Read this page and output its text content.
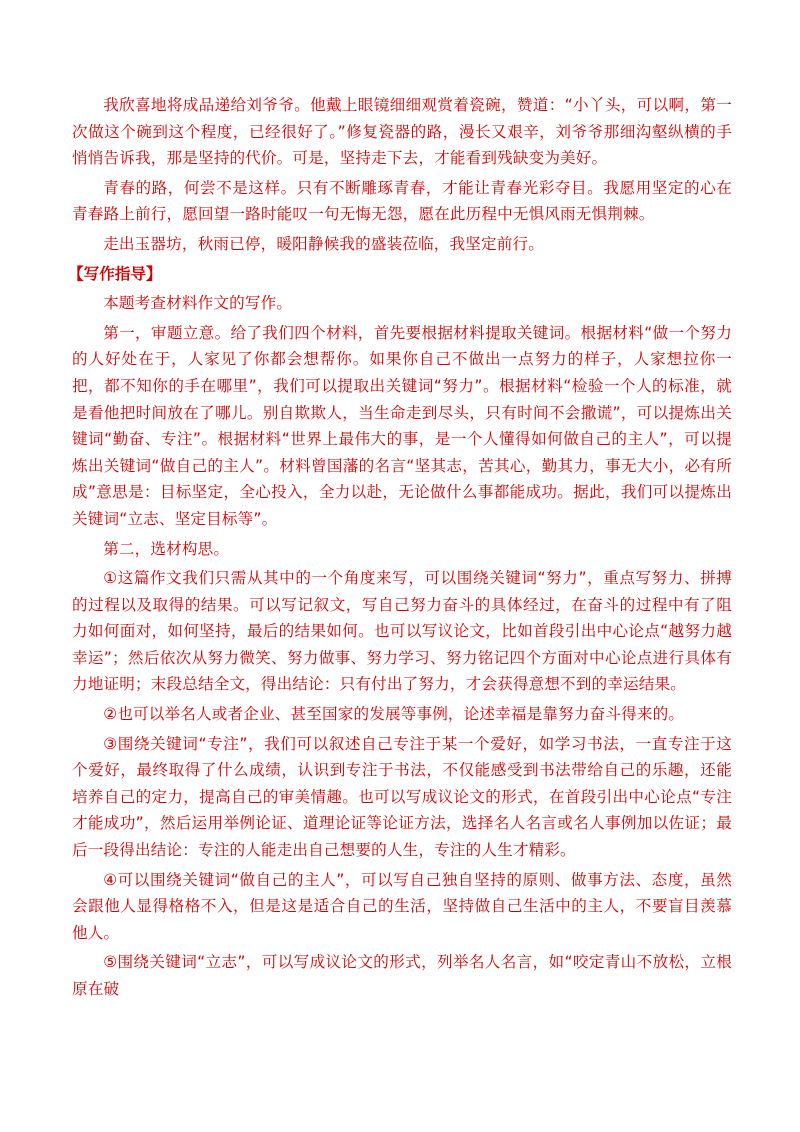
我欣喜地将成品递给刘爷爷。他戴上眼镜细细观赏着瓷碗，赞道：“小丫头，可以啊，第一次做这个碗到这个程度，已经很好了。”修复瓷器的路，漫长又艰辛，刘爷爷那细沟壑纵横的手悄悄告诉我，那是坚持的代价。可是，坚持走下去，才能看到残缺变为美好。

青春的路，何尝不是这样。只有不断雕琢青春，才能让青春光彩夺目。我愿用坚定的心在青春路上前行，愿回望一路时能叹一句无悔无怨，愿在此历程中无惧风雨无惧荆棘。

走出玉器坊，秋雨已停，暖阳静候我的盛装莅临，我坚定前行。

【写作指导】

本题考查材料作文的写作。

第一，审题立意。给了我们四个材料，首先要根据材料提取关键词。根据材料“做一个努力的人好处在于，人家见了你都会想帮你。如果你自己不做出一点努力的样子，人家想拉你一把，都不知你的手在哪里”，我们可以提取出关键词“努力”。根据材料“检验一个人的标准，就是看他把时间放在了哪儿。别自欺欺人，当生命走到尽头，只有时间不会撒谎”，可以提炼出关键词“勤奋、专注”。根据材料“世界上最伟大的事，是一个人懂得如何做自己的主人”，可以提炼出关键词“做自己的主人”。材料曾国藩的名言“坚其志，苦其心，勤其力，事无大小，必有所成”意思是：目标坚定，全心投入，全力以赴，无论做什么事都能成功。据此，我们可以提炼出关键词“立志、坚定目标等”。

第二，选材构思。

①这篇作文我们只需从其中的一个角度来写，可以围绕关键词“努力”，重点写努力、拼搏的过程以及取得的结果。可以写记叙文，写自己努力奋斗的具体经过，在奋斗的过程中有了阻力如何面对，如何坚持，最后的结果如何。也可以写议论文，比如首段引出中心论点“越努力越幸运”；然后依次从努力微笑、努力做事、努力学习、努力铭记四个方面对中心论点进行具体有力地证明；末段总结全文，得出结论：只有付出了努力，才会获得意想不到的幸运结果。

②也可以举名人或者企业、甚至国家的发展等事例，论述幸福是靠努力奋斗得来的。

③围绕关键词“专注”，我们可以叙述自己专注于某一个爱好，如学习书法，一直专注于这个爱好，最终取得了什么成绩，认识到专注于书法，不仅能感受到书法带给自己的乐趣，还能培养自己的定力，提高自己的审美情趣。也可以写成议论文的形式，在首段引出中心论点“专注才能成功”，然后运用举例论证、道理论证等论证方法，选择名人名言或名人事例加以佐证；最后一段得出结论：专注的人能走出自己想要的人生，专注的人生才精彩。

④可以围绕关键词“做自己的主人”，可以写自己独自坚持的原则、做事方法、态度，虽然会跟他人显得格格不入，但是这是适合自己的生活，坚持做自己生活中的主人，不要盲目羡慕他人。

⑤围绕关键词“立志”，可以写成议论文的形式，列举名人名言，如“咬定青山不放松，立根原在破
